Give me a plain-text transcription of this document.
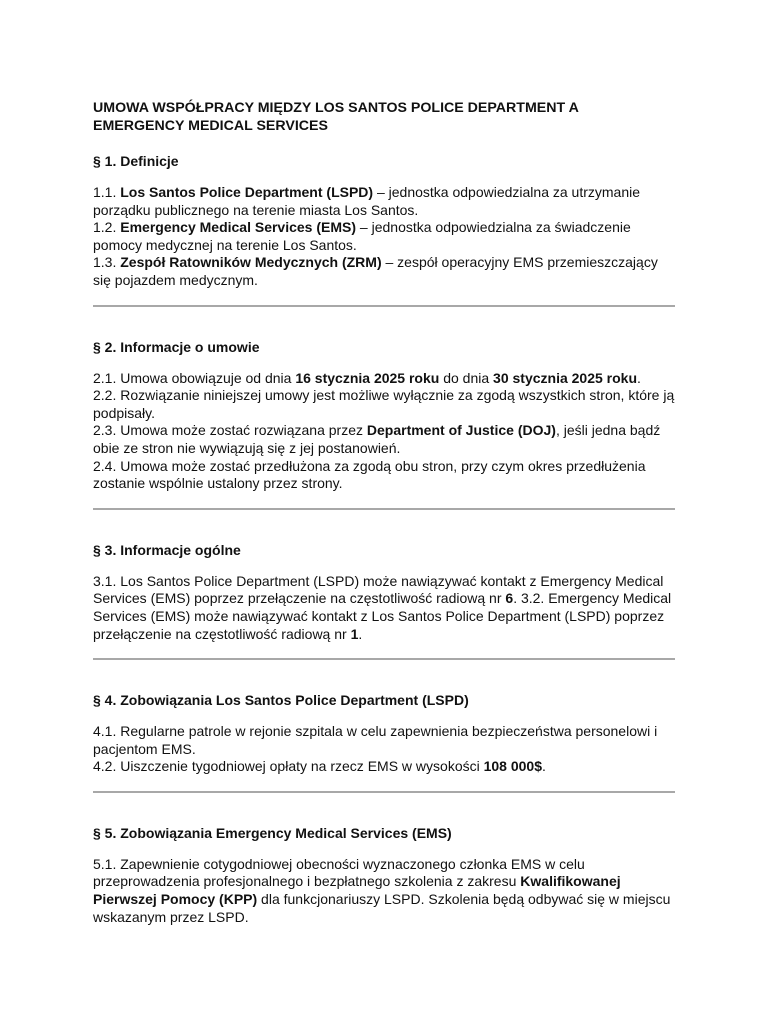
UMOWA WSPÓŁPRACY MIĘDZY LOS SANTOS POLICE DEPARTMENT A
EMERGENCY MEDICAL SERVICES

§ 1. Definicje

1.1. Los Santos Police Department (LSPD) – jednostka odpowiedzialna za utrzymanie porządku publicznego na terenie miasta Los Santos.

1.2. Emergency Medical Services (EMS) – jednostka odpowiedzialna za świadczenie pomocy medycznej na terenie Los Santos.

1.3. Zespół Ratowników Medycznych (ZRM) – zespół operacyjny EMS przemieszczający się pojazdem medycznym.

§ 2. Informacje o umowie

2.1. Umowa obowiązuje od dnia 16 stycznia 2025 roku do dnia 30 stycznia 2025 roku.

2.2. Rozwiązanie niniejszej umowy jest możliwe wyłącznie za zgodą wszystkich stron, które ją podpisały.

2.3. Umowa może zostać rozwiązana przez Department of Justice (DOJ), jeśli jedna bądź obie ze stron nie wywiązują się z jej postanowień.

2.4. Umowa może zostać przedłużona za zgodą obu stron, przy czym okres przedłużenia zostanie wspólnie ustalony przez strony.

§ 3. Informacje ogólne

3.1. Los Santos Police Department (LSPD) może nawiązywać kontakt z Emergency Medical Services (EMS) poprzez przełączenie na częstotliwość radiową nr 6. 3.2. Emergency Medical Services (EMS) może nawiązywać kontakt z Los Santos Police Department (LSPD) poprzez przełączenie na częstotliwość radiową nr 1.

§ 4. Zobowiązania Los Santos Police Department (LSPD)

4.1. Regularne patrole w rejonie szpitala w celu zapewnienia bezpieczeństwa personelowi i pacjentom EMS.

4.2. Uiszczenie tygodniowej opłaty na rzecz EMS w wysokości 108 000$.

§ 5. Zobowiązania Emergency Medical Services (EMS)

5.1. Zapewnienie cotygodniowej obecności wyznaczonego członka EMS w celu przeprowadzenia profesjonalnego i bezpłatnego szkolenia z zakresu Kwalifikowanej Pierwszej Pomocy (KPP) dla funkcjonariuszy LSPD. Szkolenia będą odbywać się w miejscu wskazanym przez LSPD.
